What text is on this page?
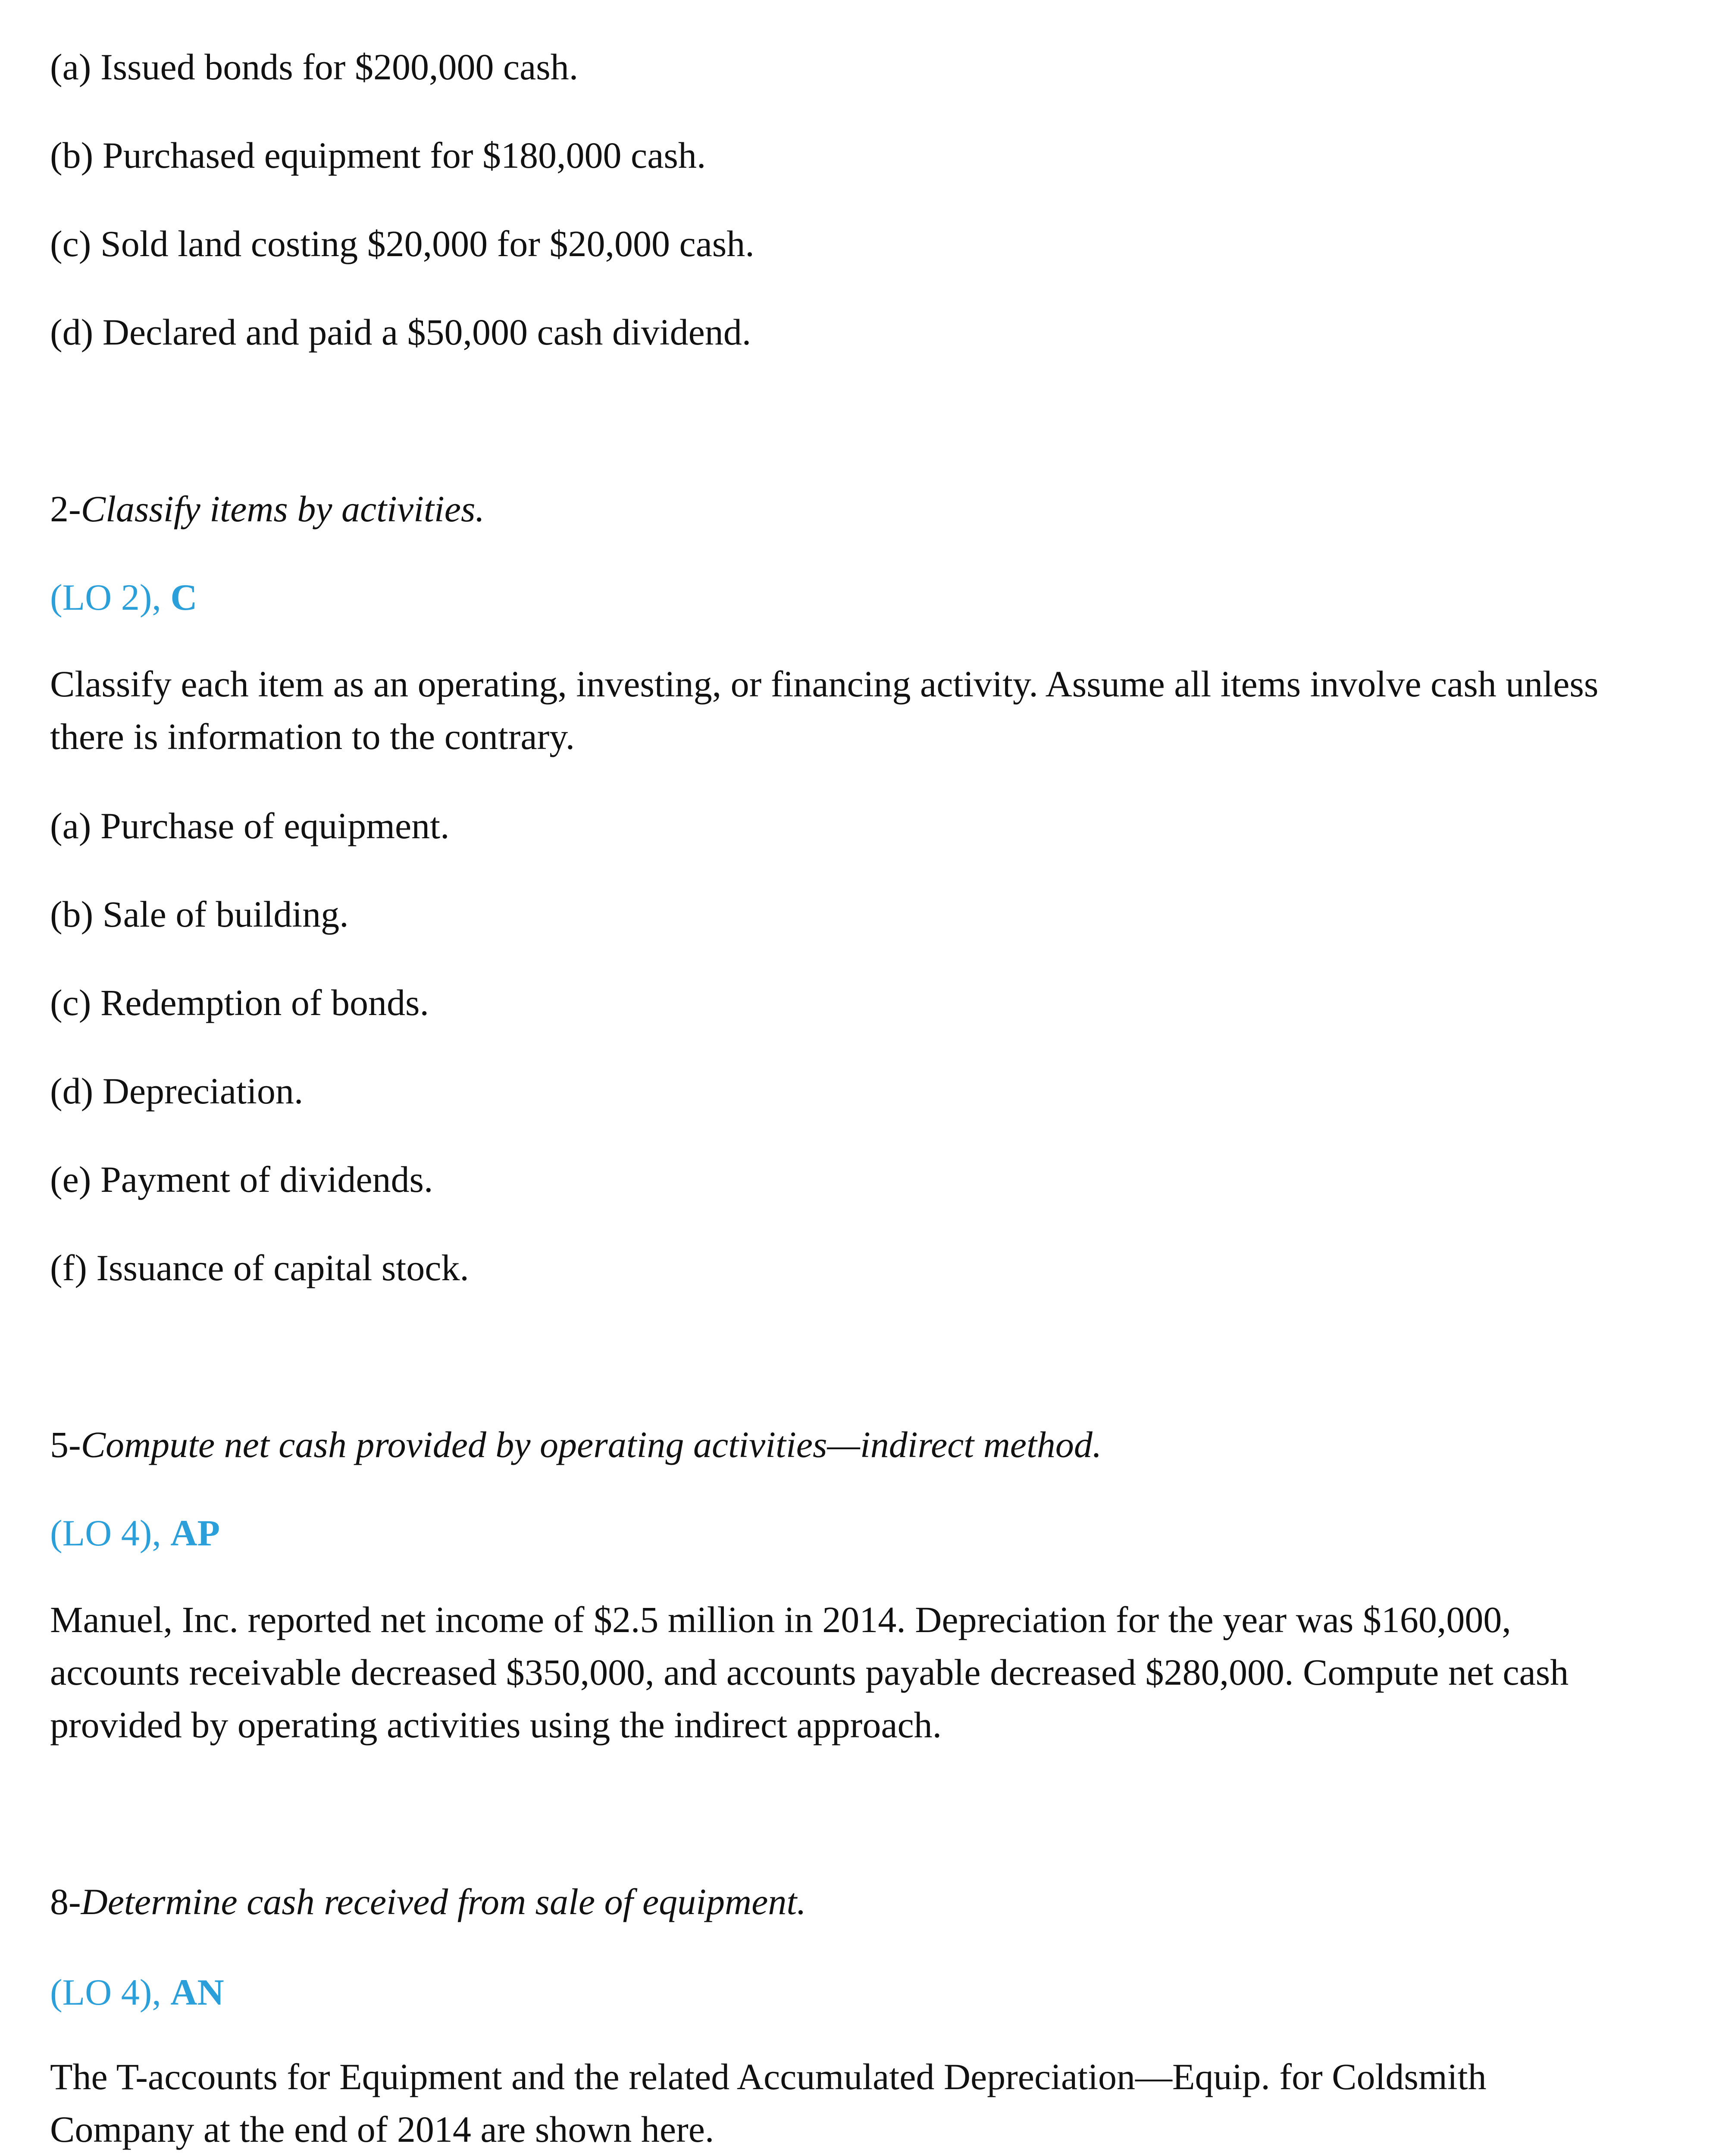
(a) Issued bonds for $200,000 cash.
(b) Purchased equipment for $180,000 cash.
(c) Sold land costing $20,000 for $20,000 cash.
(d) Declared and paid a $50,000 cash dividend.
2-Classify items by activities.
(LO 2), C
Classify each item as an operating, investing, or financing activity. Assume all items involve cash unless
there is information to the contrary.
(a) Purchase of equipment.
(b) Sale of building.
(c) Redemption of bonds.
(d) Depreciation.
(e) Payment of dividends.
(f) Issuance of capital stock.
5-Compute net cash provided by operating activities—indirect method.
(LO 4), AP
Manuel, Inc. reported net income of $2.5 million in 2014. Depreciation for the year was $160,000,
accounts receivable decreased $350,000, and accounts payable decreased $280,000. Compute net cash
provided by operating activities using the indirect approach.
8-Determine cash received from sale of equipment.
(LO 4), AN
The T-accounts for Equipment and the related Accumulated Depreciation—Equip. for Coldsmith
Company at the end of 2014 are shown here.
